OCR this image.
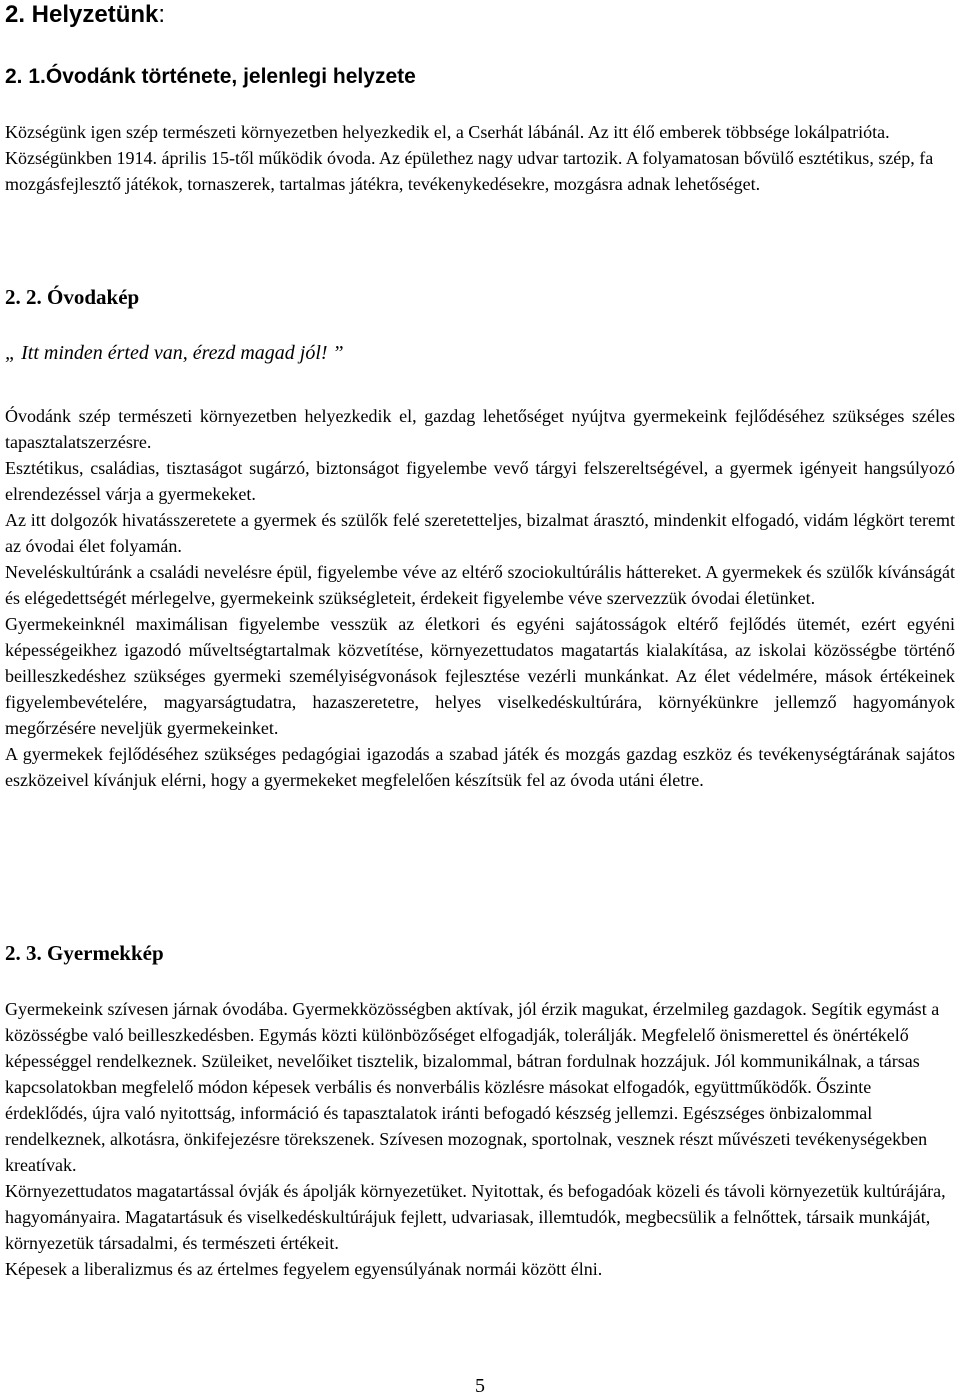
2. Helyzetünk:
2. 1.Óvodánk története, jelenlegi helyzete

Községünk igen szép természeti környezetben helyezkedik el, a Cserhát lábánál. Az itt élő emberek többsége lokálpatrióta.

Községünkben 1914. április 15-től működik óvoda. Az épülethez nagy udvar tartozik. A folyamatosan bővülő esztétikus, szép, fa mozgásfejlesztő játékok, tornaszerek, tartalmas játékra, tevékenykedésekre, mozgásra adnak lehetőséget.

2. 2. Óvodakép
„ Itt minden érted van, érezd magad jól! ”

Óvodánk szép természeti környezetben helyezkedik el, gazdag lehetőséget nyújtva gyermekeink fejlődéséhez szükséges széles tapasztalatszerzésre.

Esztétikus, családias, tisztaságot sugárzó, biztonságot figyelembe vevő tárgyi felszereltségével, a gyermek igényeit hangsúlyozó elrendezéssel várja a gyermekeket.

Az itt dolgozók hivatásszeretete a gyermek és szülők felé szeretetteljes, bizalmat árasztó, mindenkit elfogadó, vidám légkört teremt az óvodai élet folyamán.

Neveléskultúránk a családi nevelésre épül, figyelembe véve az eltérő szociokultúrális háttereket. A gyermekek és szülők kívánságát és elégedettségét mérlegelve, gyermekeink szükségleteit, érdekeit figyelembe véve szervezzük óvodai életünket.

Gyermekeinknél maximálisan figyelembe vesszük az életkori és egyéni sajátosságok eltérő fejlődés ütemét, ezért egyéni képességeikhez igazodó műveltségtartalmak közvetítése, környezettudatos magatartás kialakítása, az iskolai közösségbe történő beilleszkedéshez szükséges gyermeki személyiségvonások fejlesztése vezérli munkánkat. Az élet védelmére, mások értékeinek figyelembevételére, magyarságtudatra, hazaszeretetre, helyes viselkedéskultúrára, környékünkre jellemző hagyományok megőrzésére neveljük gyermekeinket.

A gyermekek fejlődéséhez szükséges pedagógiai igazodás a szabad játék és mozgás gazdag eszköz és tevékenységtárának sajátos eszközeivel kívánjuk elérni, hogy a gyermekeket megfelelően készítsük fel az óvoda utáni életre.

2. 3. Gyermekkép

Gyermekeink szívesen járnak óvodába. Gyermekközösségben aktívak, jól érzik magukat, érzelmileg gazdagok. Segítik egymást a közösségbe való beilleszkedésben. Egymás közti különbözőséget elfogadják, tolerálják. Megfelelő önismerettel és önértékelő képességgel rendelkeznek. Szüleiket, nevelőiket tisztelik, bizalommal, bátran fordulnak hozzájuk. Jól kommunikálnak, a társas kapcsolatokban megfelelő módon képesek verbális és nonverbális közlésre másokat elfogadók, együttműködők. Őszinte érdeklődés, újra való nyitottság, információ és tapasztalatok iránti befogadó készség jellemzi. Egészséges önbizalommal rendelkeznek, alkotásra, önkifejezésre törekszenek. Szívesen mozognak, sportolnak, vesznek részt művészeti tevékenységekben kreatívak.

Környezettudatos magatartással óvják és ápolják környezetüket. Nyitottak, és befogadóak közeli és távoli környezetük kultúrájára, hagyományaira. Magatartásuk és viselkedéskultúrájuk fejlett, udvariasak, illemtudók, megbecsülik a felnőttek, társaik munkáját, környezetük társadalmi, és természeti értékeit.

Képesek a liberalizmus és az értelmes fegyelem egyensúlyának normái között élni.

5
